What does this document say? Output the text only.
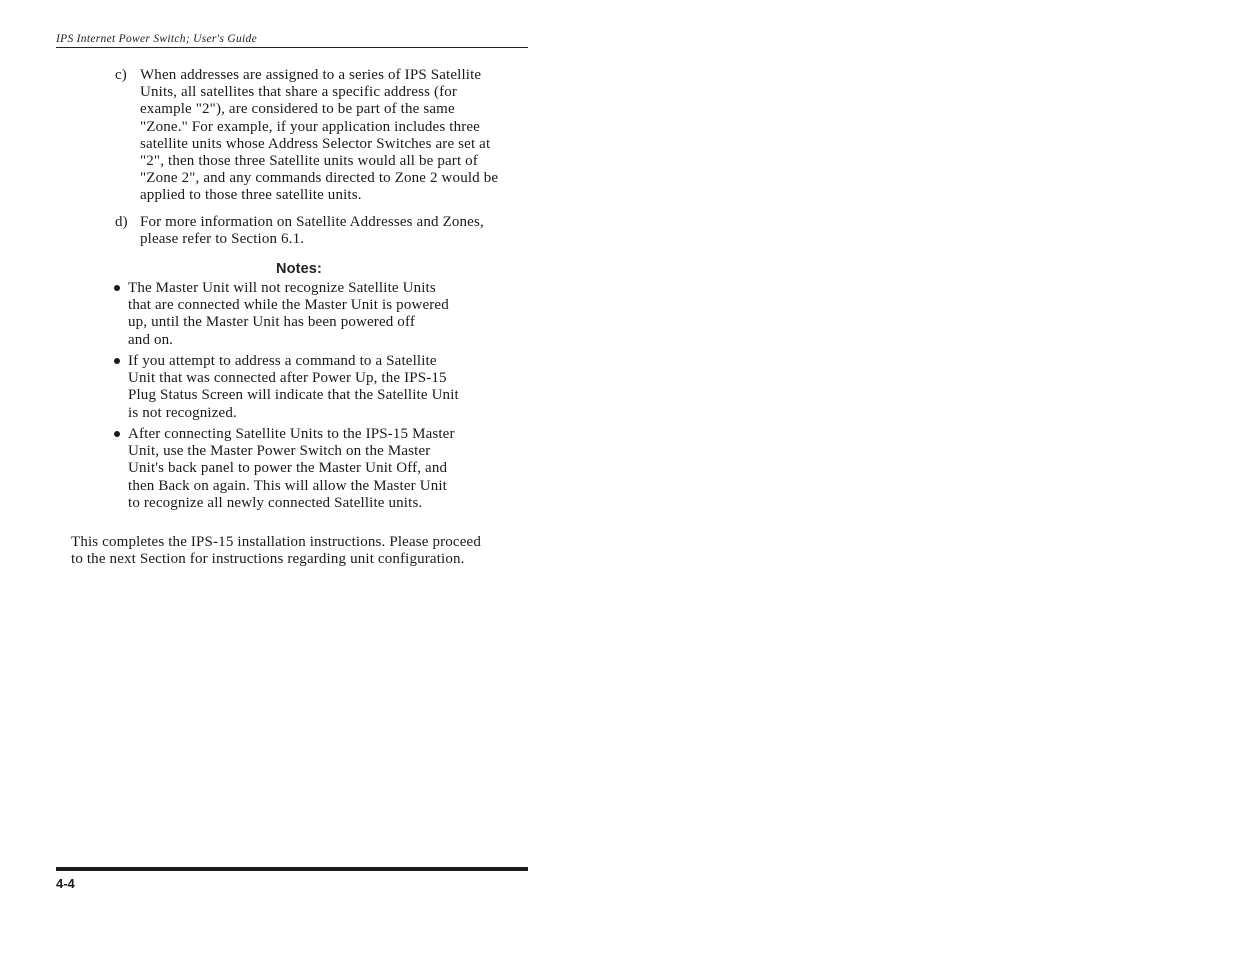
IPS Internet Power Switch; User's Guide
c) When addresses are assigned to a series of IPS Satellite
Units, all satellites that share a specific address (for
example "2"), are considered to be part of the same
"Zone." For example, if your application includes three
satellite units whose Address Selector Switches are set at
"2", then those three Satellite units would all be part of
"Zone 2", and any commands directed to Zone 2 would be
applied to those three satellite units.
d) For more information on Satellite Addresses and Zones,
please refer to Section 6.1.
Notes:
The Master Unit will not recognize Satellite Units
that are connected while the Master Unit is powered
up, until the Master Unit has been powered off
and on.
If you attempt to address a command to a Satellite
Unit that was connected after Power Up, the IPS-15
Plug Status Screen will indicate that the Satellite Unit
is not recognized.
After connecting Satellite Units to the IPS-15 Master
Unit, use the Master Power Switch on the Master
Unit's back panel to power the Master Unit Off, and
then Back on again. This will allow the Master Unit
to recognize all newly connected Satellite units.
This completes the IPS-15 installation instructions. Please proceed
to the next Section for instructions regarding unit configuration.
4-4
